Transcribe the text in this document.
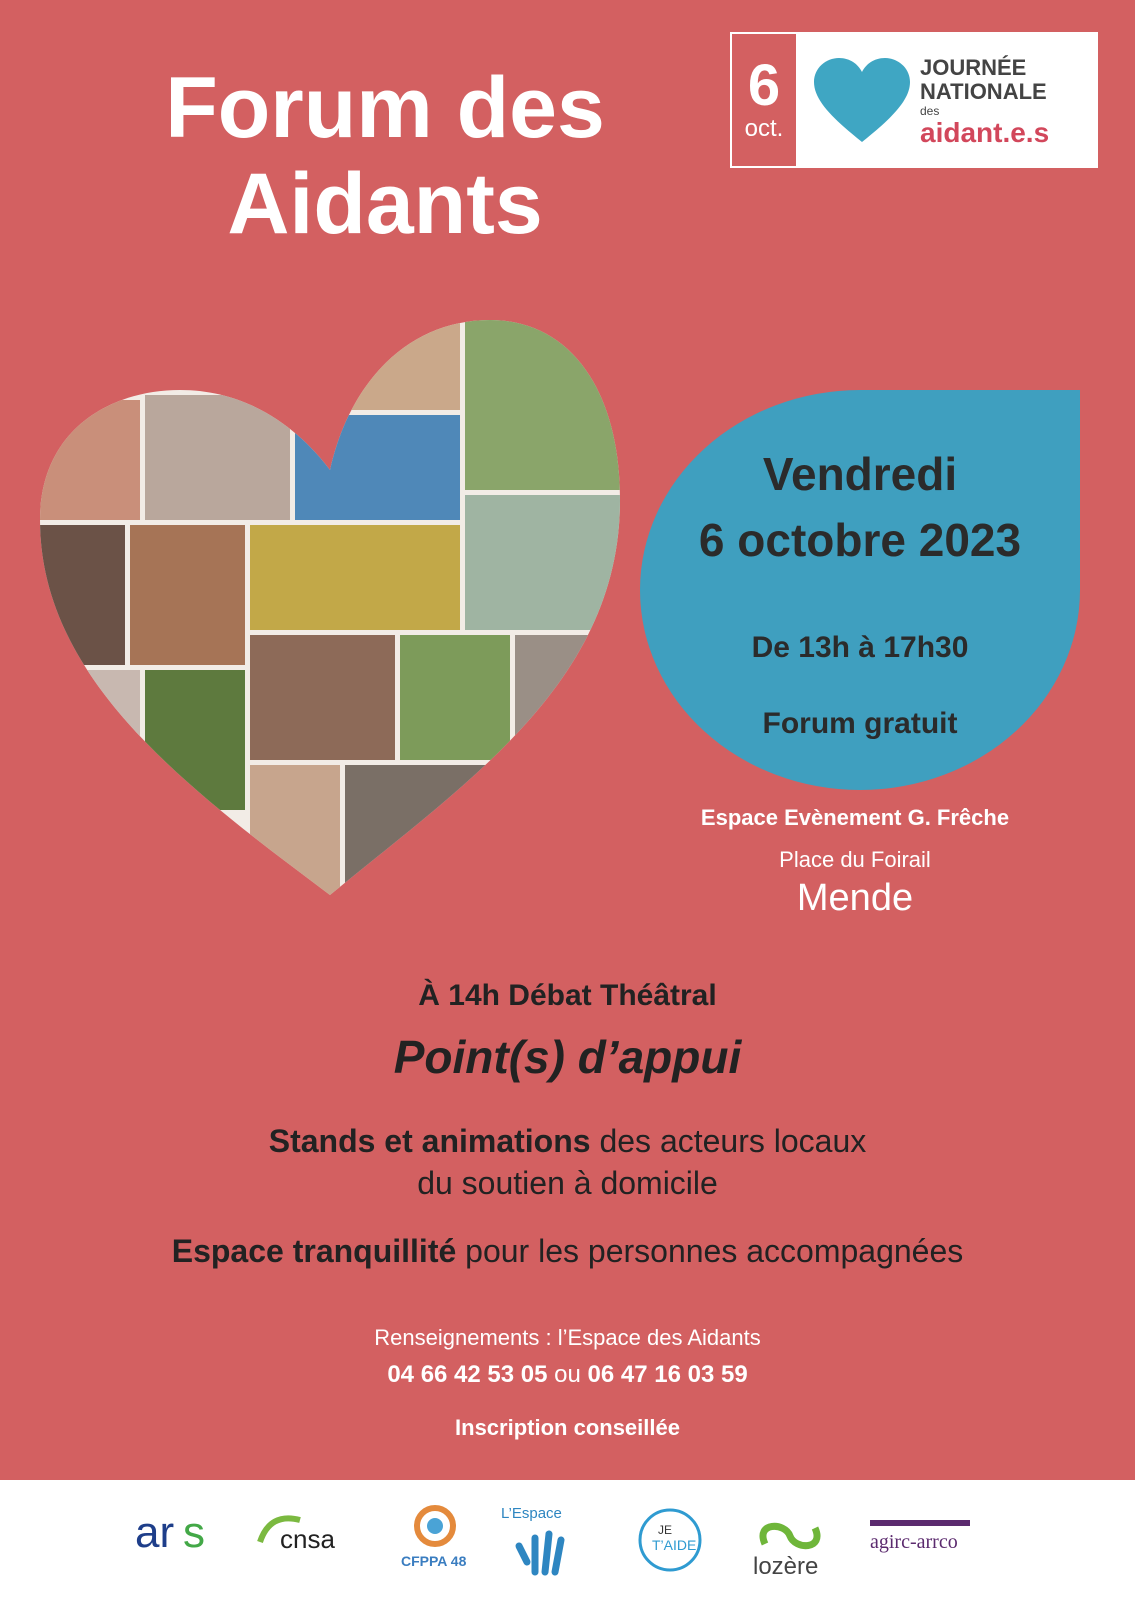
Forum des
Aidants
6
oct.
JOURNÉE
NATIONALE
des
aidant.e.s
Vendredi
6 octobre 2023
De 13h à 17h30
Forum gratuit
Espace Evènement G. Frêche
Place du Foirail
Mende
À 14h Débat Théâtral
Point(s) d’appui
Stands et animations des acteurs locaux
du soutien à domicile
Espace tranquillité pour les personnes accompagnées
Renseignements : l’Espace des Aidants
04 66 42 53 05 ou 06 47 16 03 59
Inscription conseillée
ar s	cnsa
CFPPA 48
L’Espace
JE
T’AIDE
lozère
agirc-arrco
